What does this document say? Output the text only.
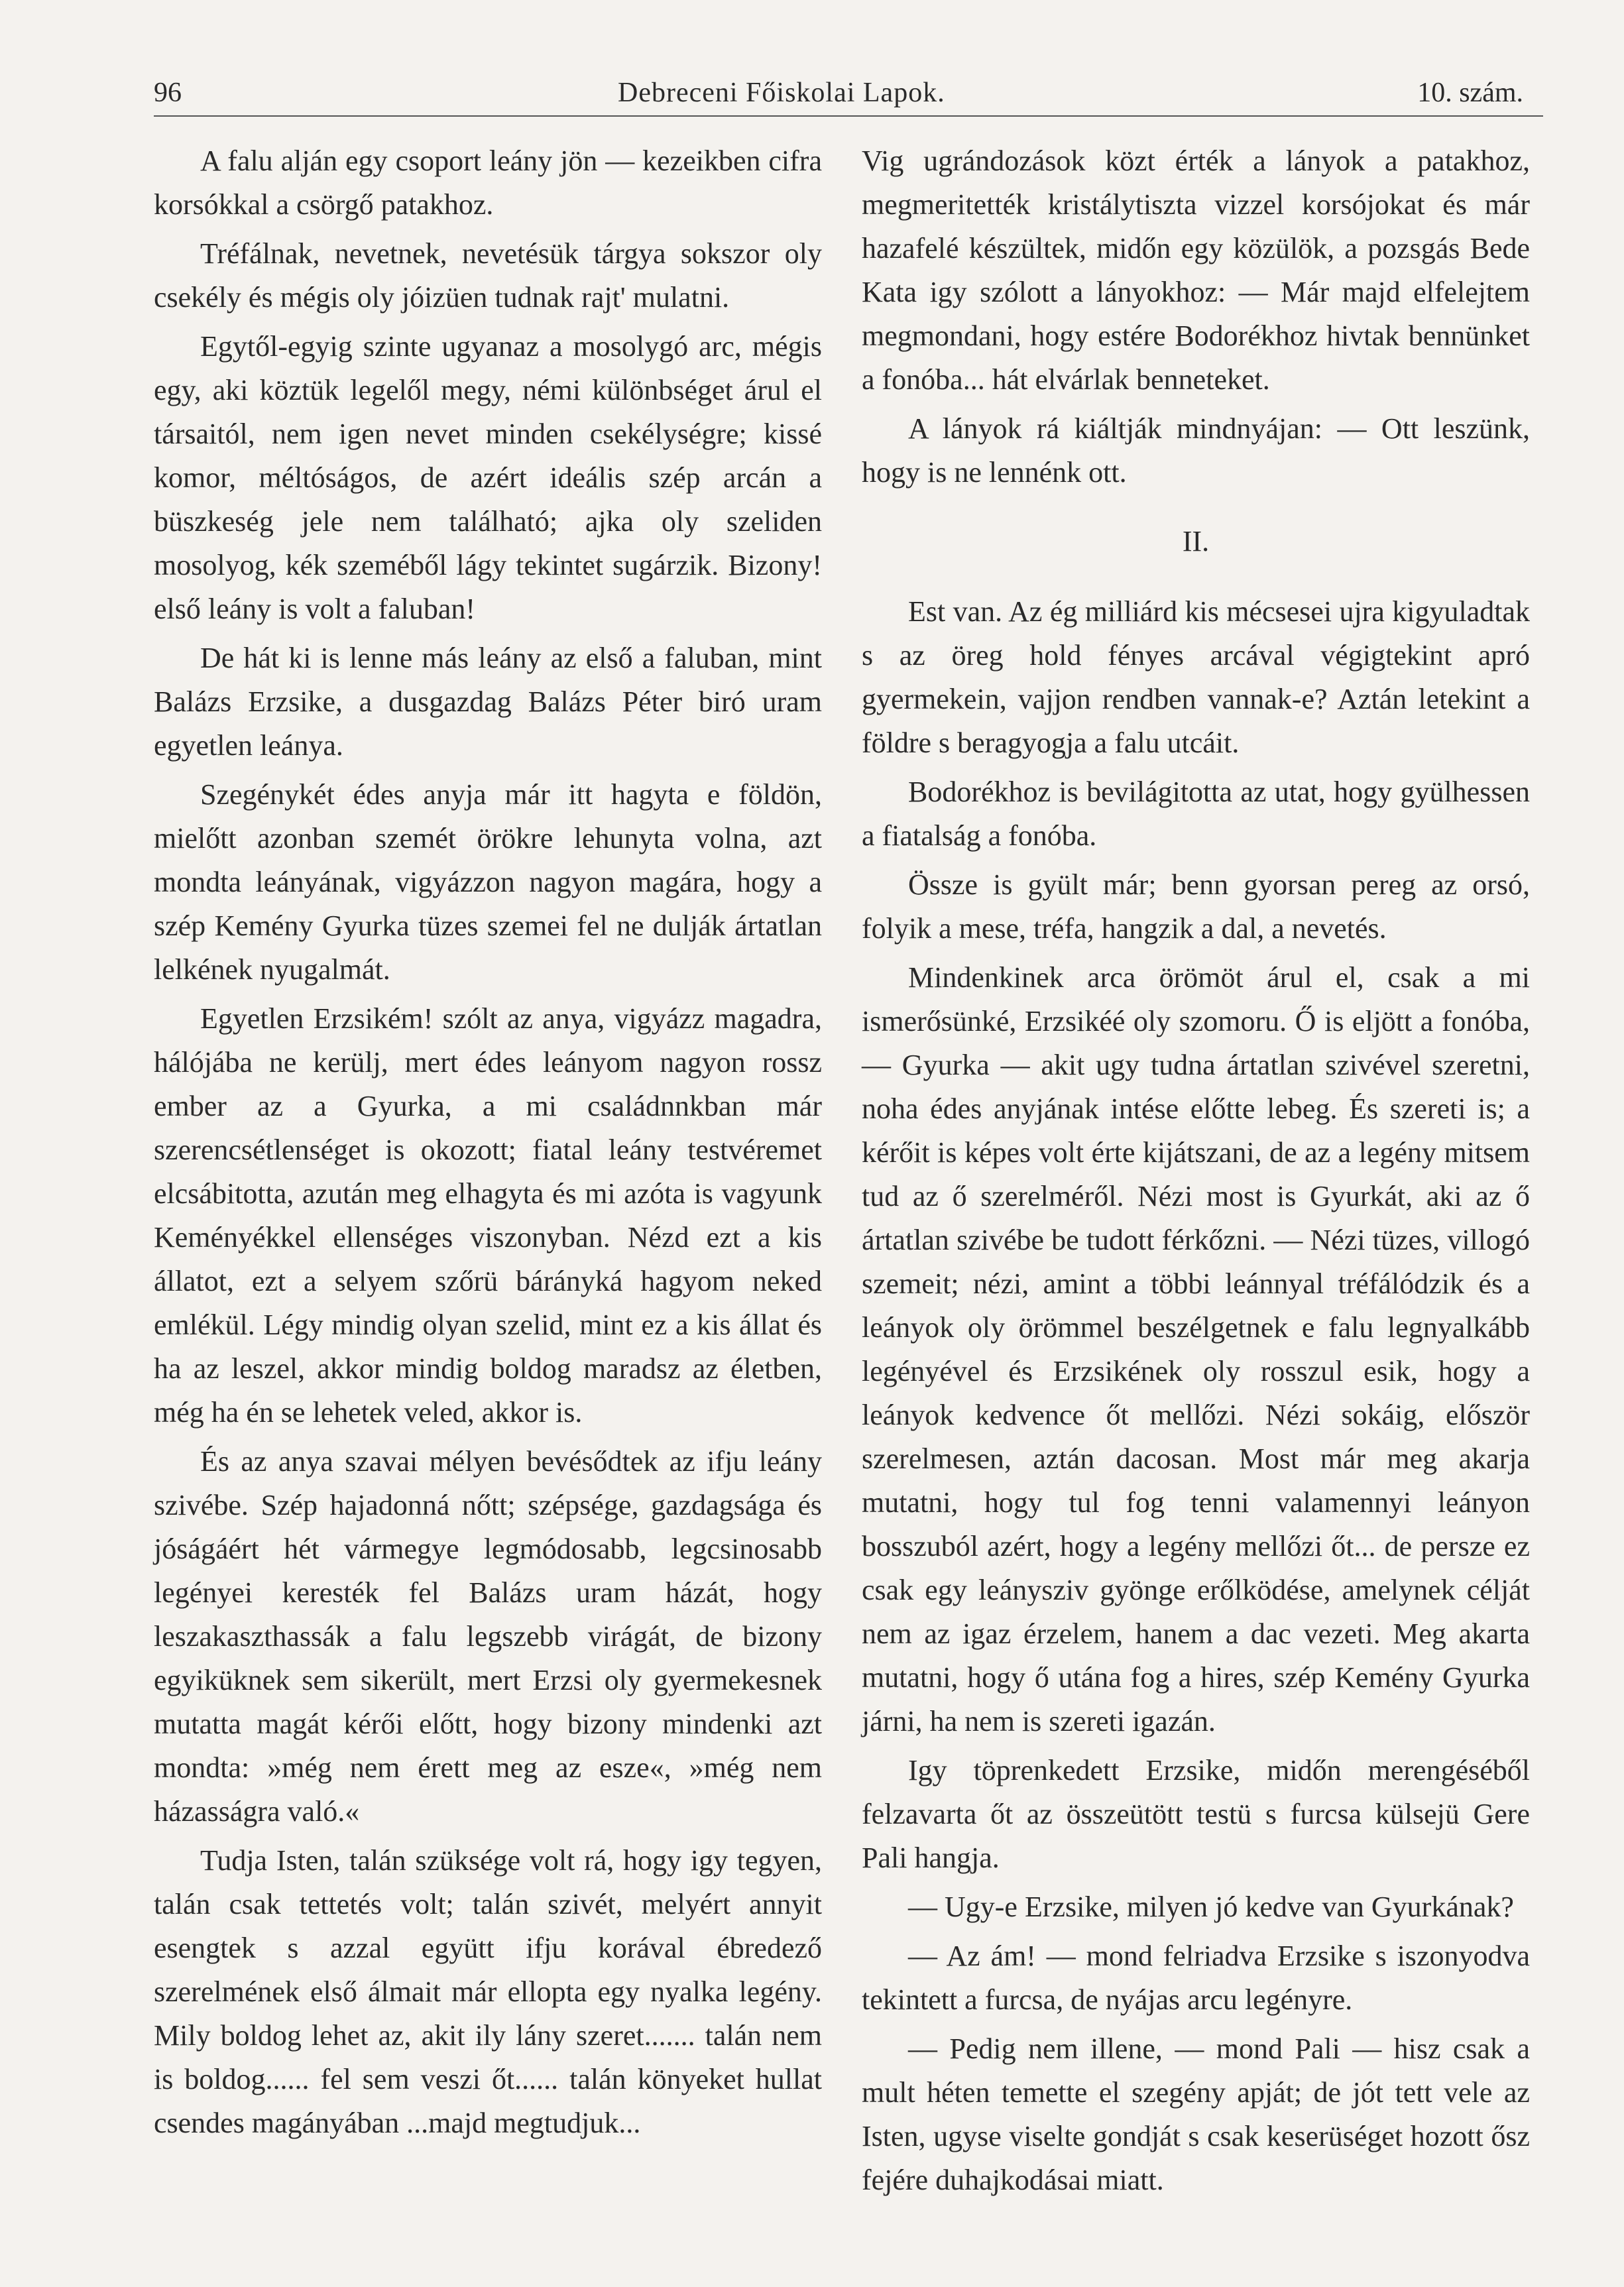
96	Debreceni Főiskolai Lapok.	10. szám.

A falu alján egy csoport leány jön — kezeikben cifra korsókkal a csörgő patakhoz.

Tréfálnak, nevetnek, nevetésük tárgya sokszor oly csekély és mégis oly jóizüen tudnak rajt' mulatni.

Egytől-egyig szinte ugyanaz a mosolygó arc, mégis egy, aki köztük legelől megy, némi különbséget árul el társaitól, nem igen nevet minden csekélységre; kissé komor, méltóságos, de azért ideális szép arcán a büszkeség jele nem található; ajka oly szeliden mosolyog, kék szeméből lágy tekintet sugárzik. Bizony! első leány is volt a faluban!

De hát ki is lenne más leány az első a faluban, mint Balázs Erzsike, a dusgazdag Balázs Péter biró uram egyetlen leánya.

Szegénykét édes anyja már itt hagyta e földön, mielőtt azonban szemét örökre lehunyta volna, azt mondta leányának, vigyázzon nagyon magára, hogy a szép Kemény Gyurka tüzes szemei fel ne dulják ártatlan lelkének nyugalmát.

Egyetlen Erzsikém! szólt az anya, vigyázz magadra, hálójába ne kerülj, mert édes leányom nagyon rossz ember az a Gyurka, a mi családnnkban már szerencsétlenséget is okozott; fiatal leány testvéremet elcsábitotta, azután meg elhagyta és mi azóta is vagyunk Keményékkel ellenséges viszonyban. Nézd ezt a kis állatot, ezt a selyem szőrü bárányká hagyom neked emlékül. Légy mindig olyan szelid, mint ez a kis állat és ha az leszel, akkor mindig boldog maradsz az életben, még ha én se lehetek veled, akkor is.

És az anya szavai mélyen bevésődtek az ifju leány szivébe. Szép hajadonná nőtt; szépsége, gazdagsága és jóságáért hét vármegye legmódosabb, legcsinosabb legényei keresték fel Balázs uram házát, hogy leszakaszthassák a falu legszebb virágát, de bizony egyiküknek sem sikerült, mert Erzsi oly gyermekesnek mutatta magát kérői előtt, hogy bizony mindenki azt mondta: »még nem érett meg az esze«, »még nem házasságra való.«

Tudja Isten, talán szüksége volt rá, hogy igy tegyen, talán csak tettetés volt; talán szivét, melyért annyit esengtek s azzal együtt ifju korával ébredező szerelmének első álmait már ellopta egy nyalka legény. Mily boldog lehet az, akit ily lány szeret....... talán nem is boldog...... fel sem veszi őt...... talán könyeket hullat csendes magányában ...majd megtudjuk...

Vig ugrándozások közt érték a lányok a patakhoz, megmeritették kristálytiszta vizzel korsójokat és már hazafelé készültek, midőn egy közülök, a pozsgás Bede Kata igy szólott a lányokhoz: — Már majd elfelejtem megmondani, hogy estére Bodorékhoz hivtak bennünket a fonóba... hát elvárlak benneteket.

A lányok rá kiáltják mindnyájan: — Ott leszünk, hogy is ne lennénk ott.

II.

Est van. Az ég milliárd kis mécsesei ujra kigyuladtak s az öreg hold fényes arcával végigtekint apró gyermekein, vajjon rendben vannak-e? Aztán letekint a földre s beragyogja a falu utcáit.

Bodorékhoz is bevilágitotta az utat, hogy gyülhessen a fiatalság a fonóba.

Össze is gyült már; benn gyorsan pereg az orsó, folyik a mese, tréfa, hangzik a dal, a nevetés.

Mindenkinek arca örömöt árul el, csak a mi ismerősünké, Erzsikéé oly szomoru. Ő is eljött a fonóba, — Gyurka — akit ugy tudna ártatlan szivével szeretni, noha édes anyjának intése előtte lebeg. És szereti is; a kérőit is képes volt érte kijátszani, de az a legény mitsem tud az ő szerelméről. Nézi most is Gyurkát, aki az ő ártatlan szivébe be tudott férkőzni. — Nézi tüzes, villogó szemeit; nézi, amint a többi leánnyal tréfálódzik és a leányok oly örömmel beszélgetnek e falu legnyalkább legényével és Erzsikének oly rosszul esik, hogy a leányok kedvence őt mellőzi. Nézi sokáig, először szerelmesen, aztán dacosan. Most már meg akarja mutatni, hogy tul fog tenni valamennyi leányon bosszuból azért, hogy a legény mellőzi őt... de persze ez csak egy leánysziv gyönge erőlködése, amelynek célját nem az igaz érzelem, hanem a dac vezeti. Meg akarta mutatni, hogy ő utána fog a hires, szép Kemény Gyurka járni, ha nem is szereti igazán.

Igy töprenkedett Erzsike, midőn merengéséből felzavarta őt az összeütött testü s furcsa külsejü Gere Pali hangja.

— Ugy-e Erzsike, milyen jó kedve van Gyurkának?

— Az ám! — mond felriadva Erzsike s iszonyodva tekintett a furcsa, de nyájas arcu legényre.

— Pedig nem illene, — mond Pali — hisz csak a mult héten temette el szegény apját; de jót tett vele az Isten, ugyse viselte gondját s csak keserüséget hozott ősz fejére duhajkodásai miatt.
